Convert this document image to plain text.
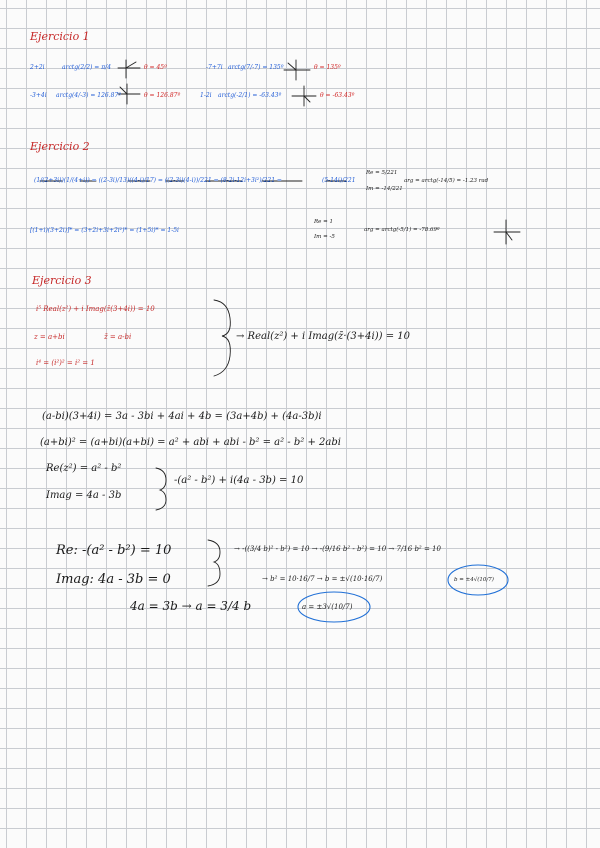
Ejercicio 1
2+2i	arctg(2/2) = π/4	θ = 45º	-7+7i arctg(7/-7) = 135º	θ = 135º
-3+4i arctg(4/-3) = 126.87º	θ = 126.87º	1-2i arctg(-2/1) = -63.43º	θ = -63.43º
Ejercicio 2
(1/(2+3i))(1/(4+i)) = ((2-3i)/13)((4-i)/17) = ((2-3i)(4-i))/221 = (8-2i-12i+3i²)/221 =	(5-14i)/221
Re = 5/221
Im = -14/221
arg = arctg(-14/5) = -1.23 rad
[(1+i)(3+2i)]* = (3+2i+3i+2i²)* = (1+5i)* = 1-5i
Re = 1
Im = -5
arg = arctg(-5/1) = -78.69º
Ejercicio 3
i⁵ Real(z²) + i Imag(z̄(3+4i)) = 10
z = a+bi	z̄ = a-bi
i⁴ = (i²)² = i² = 1
→ Real(z²) + i Imag(z̄·(3+4i)) = 10
(a-bi)(3+4i) = 3a - 3bi + 4ai + 4b = (3a+4b) + (4a-3b)i
(a+bi)² = (a+bi)(a+bi) = a² + abi + abi - b² = a² - b² + 2abi
Re(z²) = a² - b²
Imag = 4a - 3b
-(a² - b²) + i(4a - 3b) = 10
Re: -(a² - b²) = 10	→ -((3/4 b)² - b²) = 10 → -(9/16 b² - b²) = 10 → 7/16 b² = 10
Imag: 4a - 3b = 0	→ b² = 10·16/7 → b = ±√(10·16/7)	b = ±4√(10/7)
4a = 3b → a = 3/4 b	a = ±3√(10/7)
